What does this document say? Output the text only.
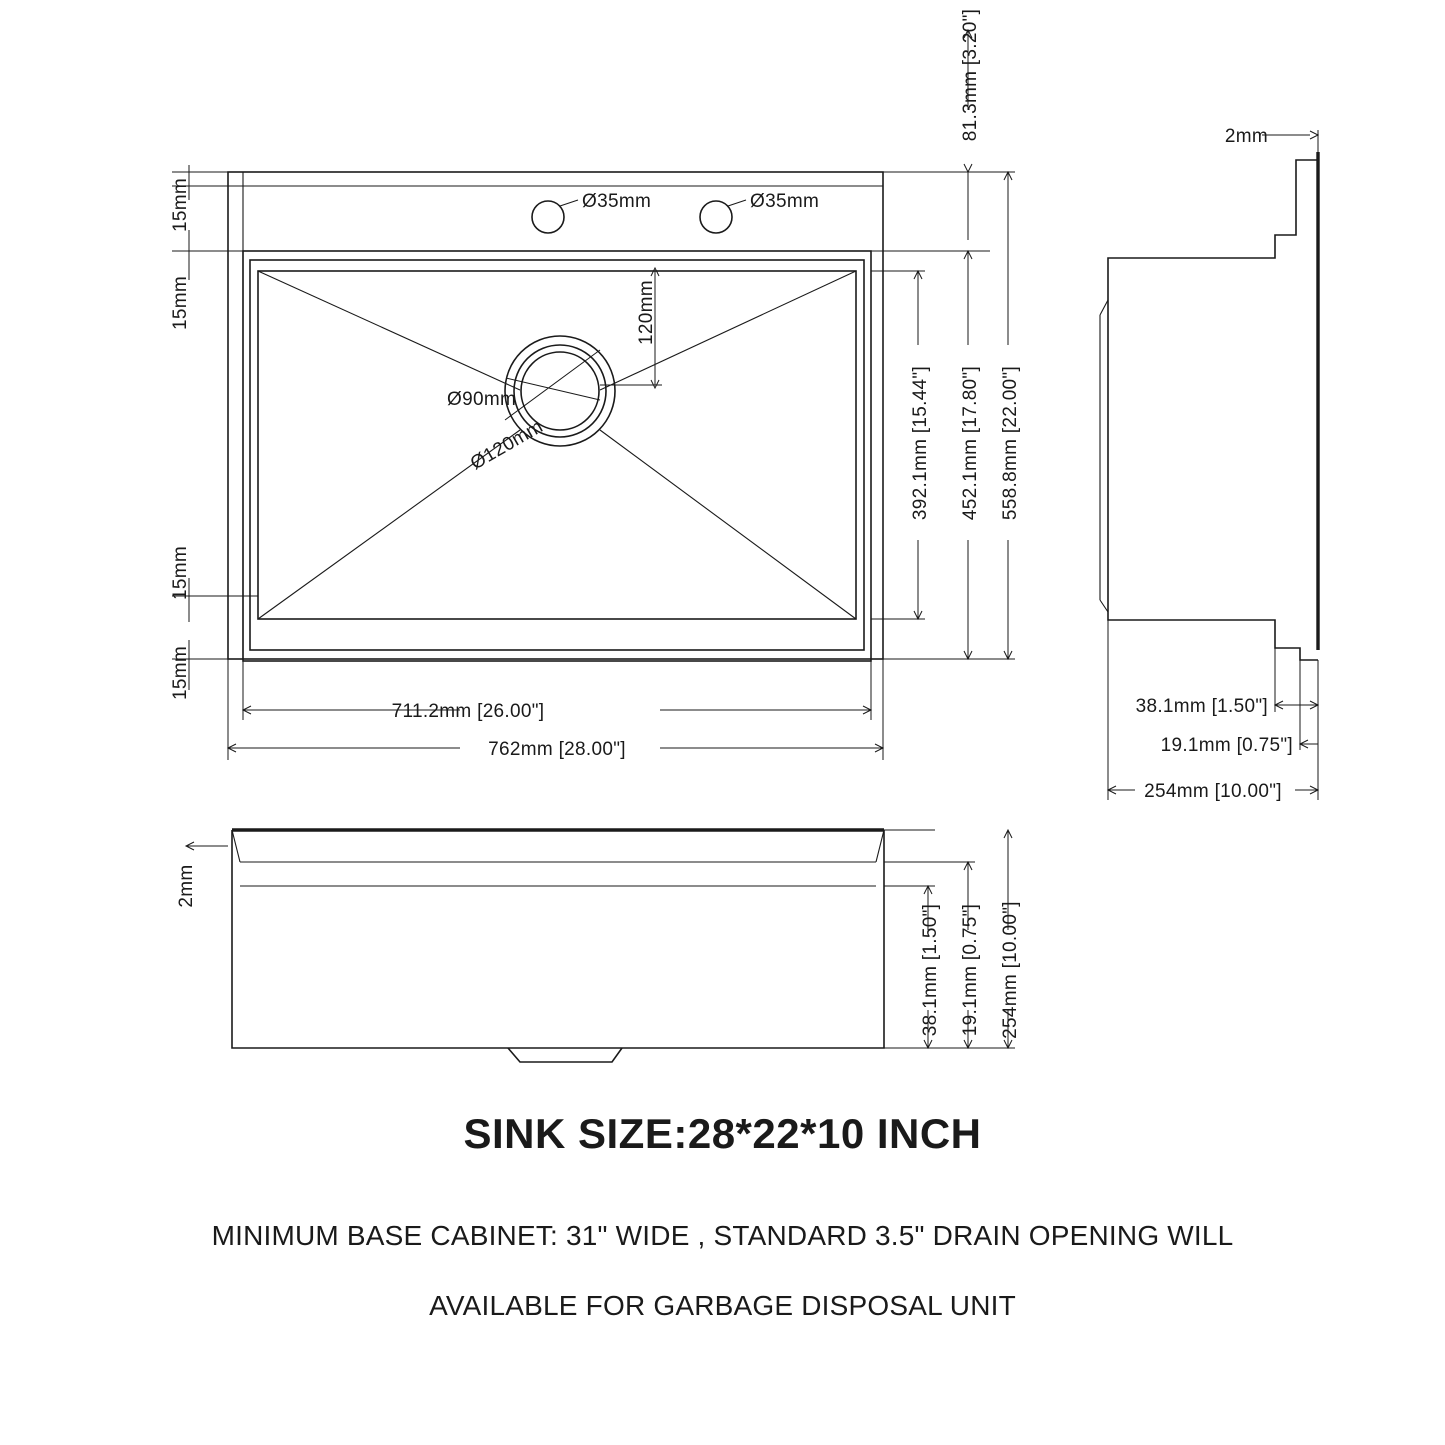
Ø35mm	Ø35mm
Ø90mm
Ø120mm
120mm
15mm
15mm
15mm
15mm
711.2mm [26.00"]
762mm [28.00"]
392.1mm [15.44"] 452.1mm [17.80"] 558.8mm [22.00"]
81.3mm [3.20"]	2mm
38.1mm [1.50"]
19.1mm [0.75"]
254mm [10.00"]
2mm
38.1mm [1.50"] 19.1mm [0.75"] 254mm [10.00"]
SINK SIZE:28*22*10 INCH
MINIMUM BASE CABINET: 31" WIDE , STANDARD 3.5" DRAIN OPENING WILL
AVAILABLE FOR GARBAGE DISPOSAL UNIT
